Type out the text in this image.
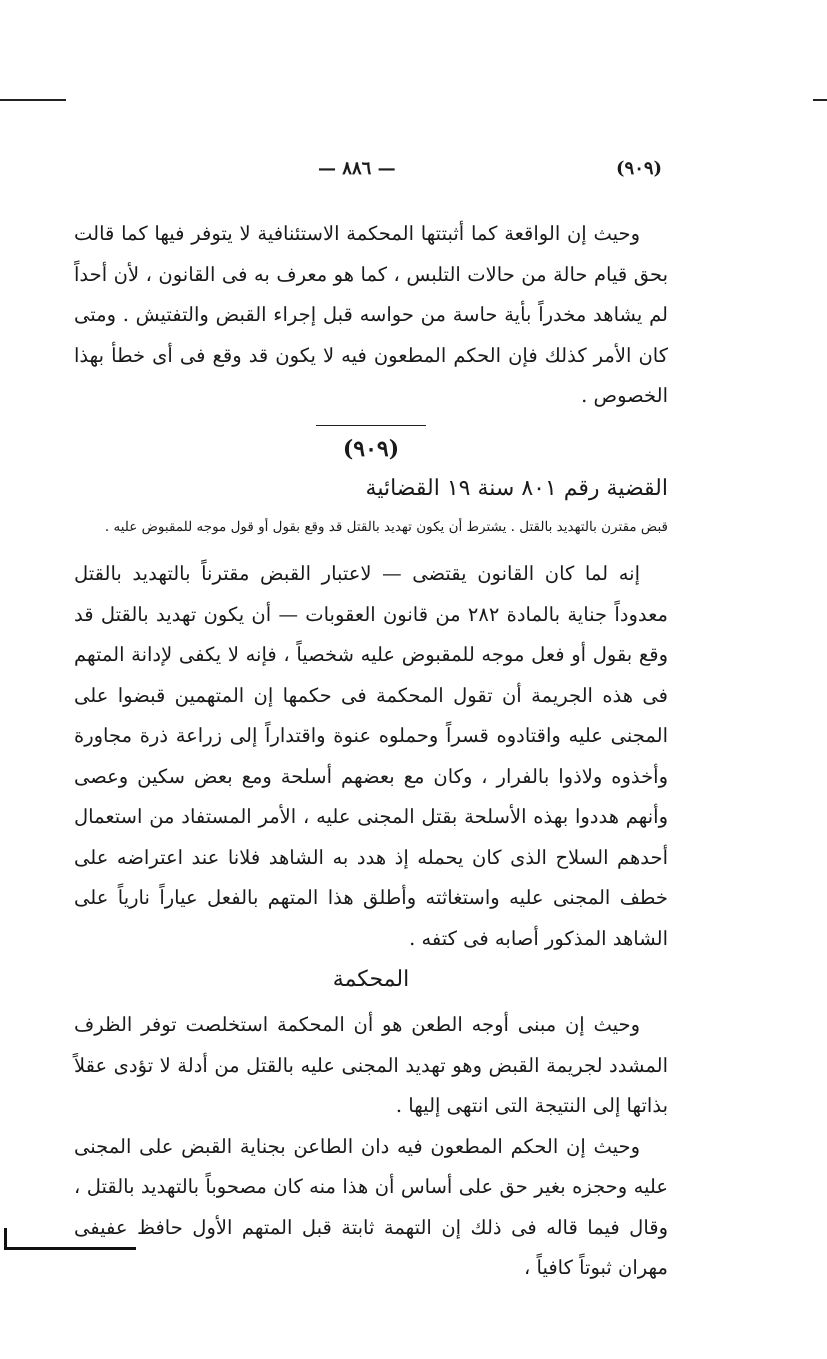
(٩٠٩)
— ٨٨٦ —

وحيث إن الواقعة كما أثبتتها المحكمة الاستئنافية لا يتوفر فيها كما قالت بحق قيام حالة من حالات التلبس ، كما هو معرف به فى القانون ، لأن أحداً لم يشاهد مخدراً بأية حاسة من حواسه قبل إجراء القبض والتفتيش . ومتى كان الأمر كذلك فإن الحكم المطعون فيه لا يكون قد وقع فى أى خطأ بهذا الخصوص .

(٩٠٩)
القضية رقم ٨٠١ سنة ١٩ القضائية
قبض مقترن بالتهديد بالقتل . يشترط أن يكون تهديد بالقتل قد وقع بقول أو قول موجه للمقبوض عليه .

إنه لما كان القانون يقتضى — لاعتبار القبض مقترناً بالتهديد بالقتل معدوداً جناية بالمادة ٢٨٢ من قانون العقوبات — أن يكون تهديد بالقتل قد وقع بقول أو فعل موجه للمقبوض عليه شخصياً ، فإنه لا يكفى لإدانة المتهم فى هذه الجريمة أن تقول المحكمة فى حكمها إن المتهمين قبضوا على المجنى عليه واقتادوه قسراً وحملوه عنوة واقتداراً إلى زراعة ذرة مجاورة وأخذوه ولاذوا بالفرار ، وكان مع بعضهم أسلحة ومع بعض سكين وعصى وأنهم هددوا بهذه الأسلحة بقتل المجنى عليه ، الأمر المستفاد من استعمال أحدهم السلاح الذى كان يحمله إذ هدد به الشاهد فلانا عند اعتراضه على خطف المجنى عليه واستغاثته وأطلق هذا المتهم بالفعل عياراً نارياً على الشاهد المذكور أصابه فى كتفه .

المحكمة

وحيث إن مبنى أوجه الطعن هو أن المحكمة استخلصت توفر الظرف المشدد لجريمة القبض وهو تهديد المجنى عليه بالقتل من أدلة لا تؤدى عقلاً بذاتها إلى النتيجة التى انتهى إليها .

وحيث إن الحكم المطعون فيه دان الطاعن بجناية القبض على المجنى عليه وحجزه بغير حق على أساس أن هذا منه كان مصحوباً بالتهديد بالقتل ، وقال فيما قاله فى ذلك إن التهمة ثابتة قبل المتهم الأول حافظ عفيفى مهران ثبوتاً كافياً ،
